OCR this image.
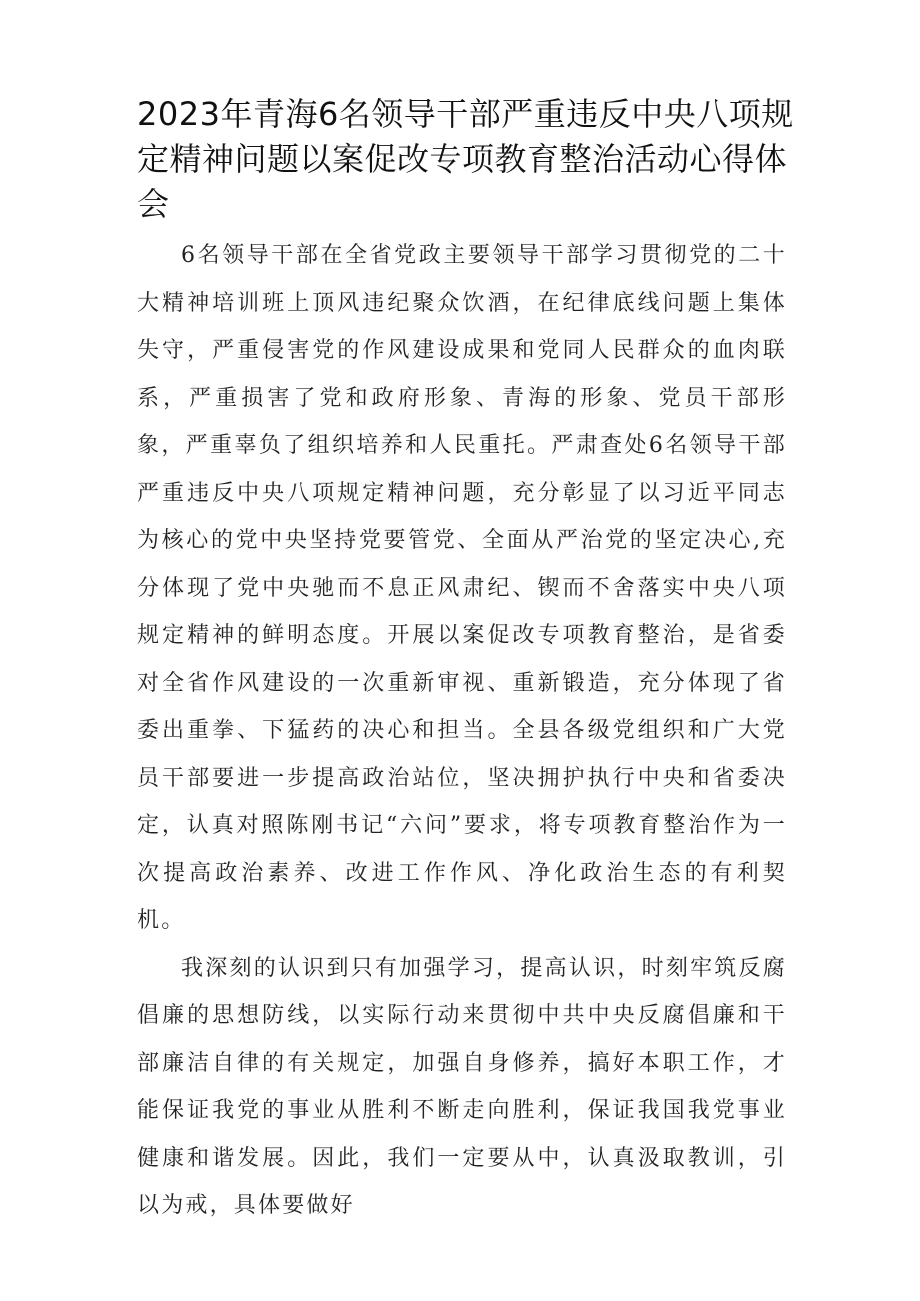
2023年青海6名领导干部严重违反中央八项规定精神问题以案促改专项教育整治活动心得体会

6名领导干部在全省党政主要领导干部学习贯彻党的二十大精神培训班上顶风违纪聚众饮酒，在纪律底线问题上集体失守，严重侵害党的作风建设成果和党同人民群众的血肉联系，严重损害了党和政府形象、青海的形象、党员干部形象，严重辜负了组织培养和人民重托。严肃查处6名领导干部严重违反中央八项规定精神问题，充分彰显了以习近平同志为核心的党中央坚持党要管党、全面从严治党的坚定决心,充分体现了党中央驰而不息正风肃纪、锲而不舍落实中央八项规定精神的鲜明态度。开展以案促改专项教育整治，是省委对全省作风建设的一次重新审视、重新锻造，充分体现了省委出重拳、下猛药的决心和担当。全县各级党组织和广大党员干部要进一步提高政治站位，坚决拥护执行中央和省委决定，认真对照陈刚书记“六问”要求，将专项教育整治作为一次提高政治素养、改进工作作风、净化政治生态的有利契机。

我深刻的认识到只有加强学习，提高认识，时刻牢筑反腐倡廉的思想防线，以实际行动来贯彻中共中央反腐倡廉和干部廉洁自律的有关规定，加强自身修养，搞好本职工作，才能保证我党的事业从胜利不断走向胜利，保证我国我党事业健康和谐发展。因此，我们一定要从中，认真汲取教训，引以为戒，具体要做好
